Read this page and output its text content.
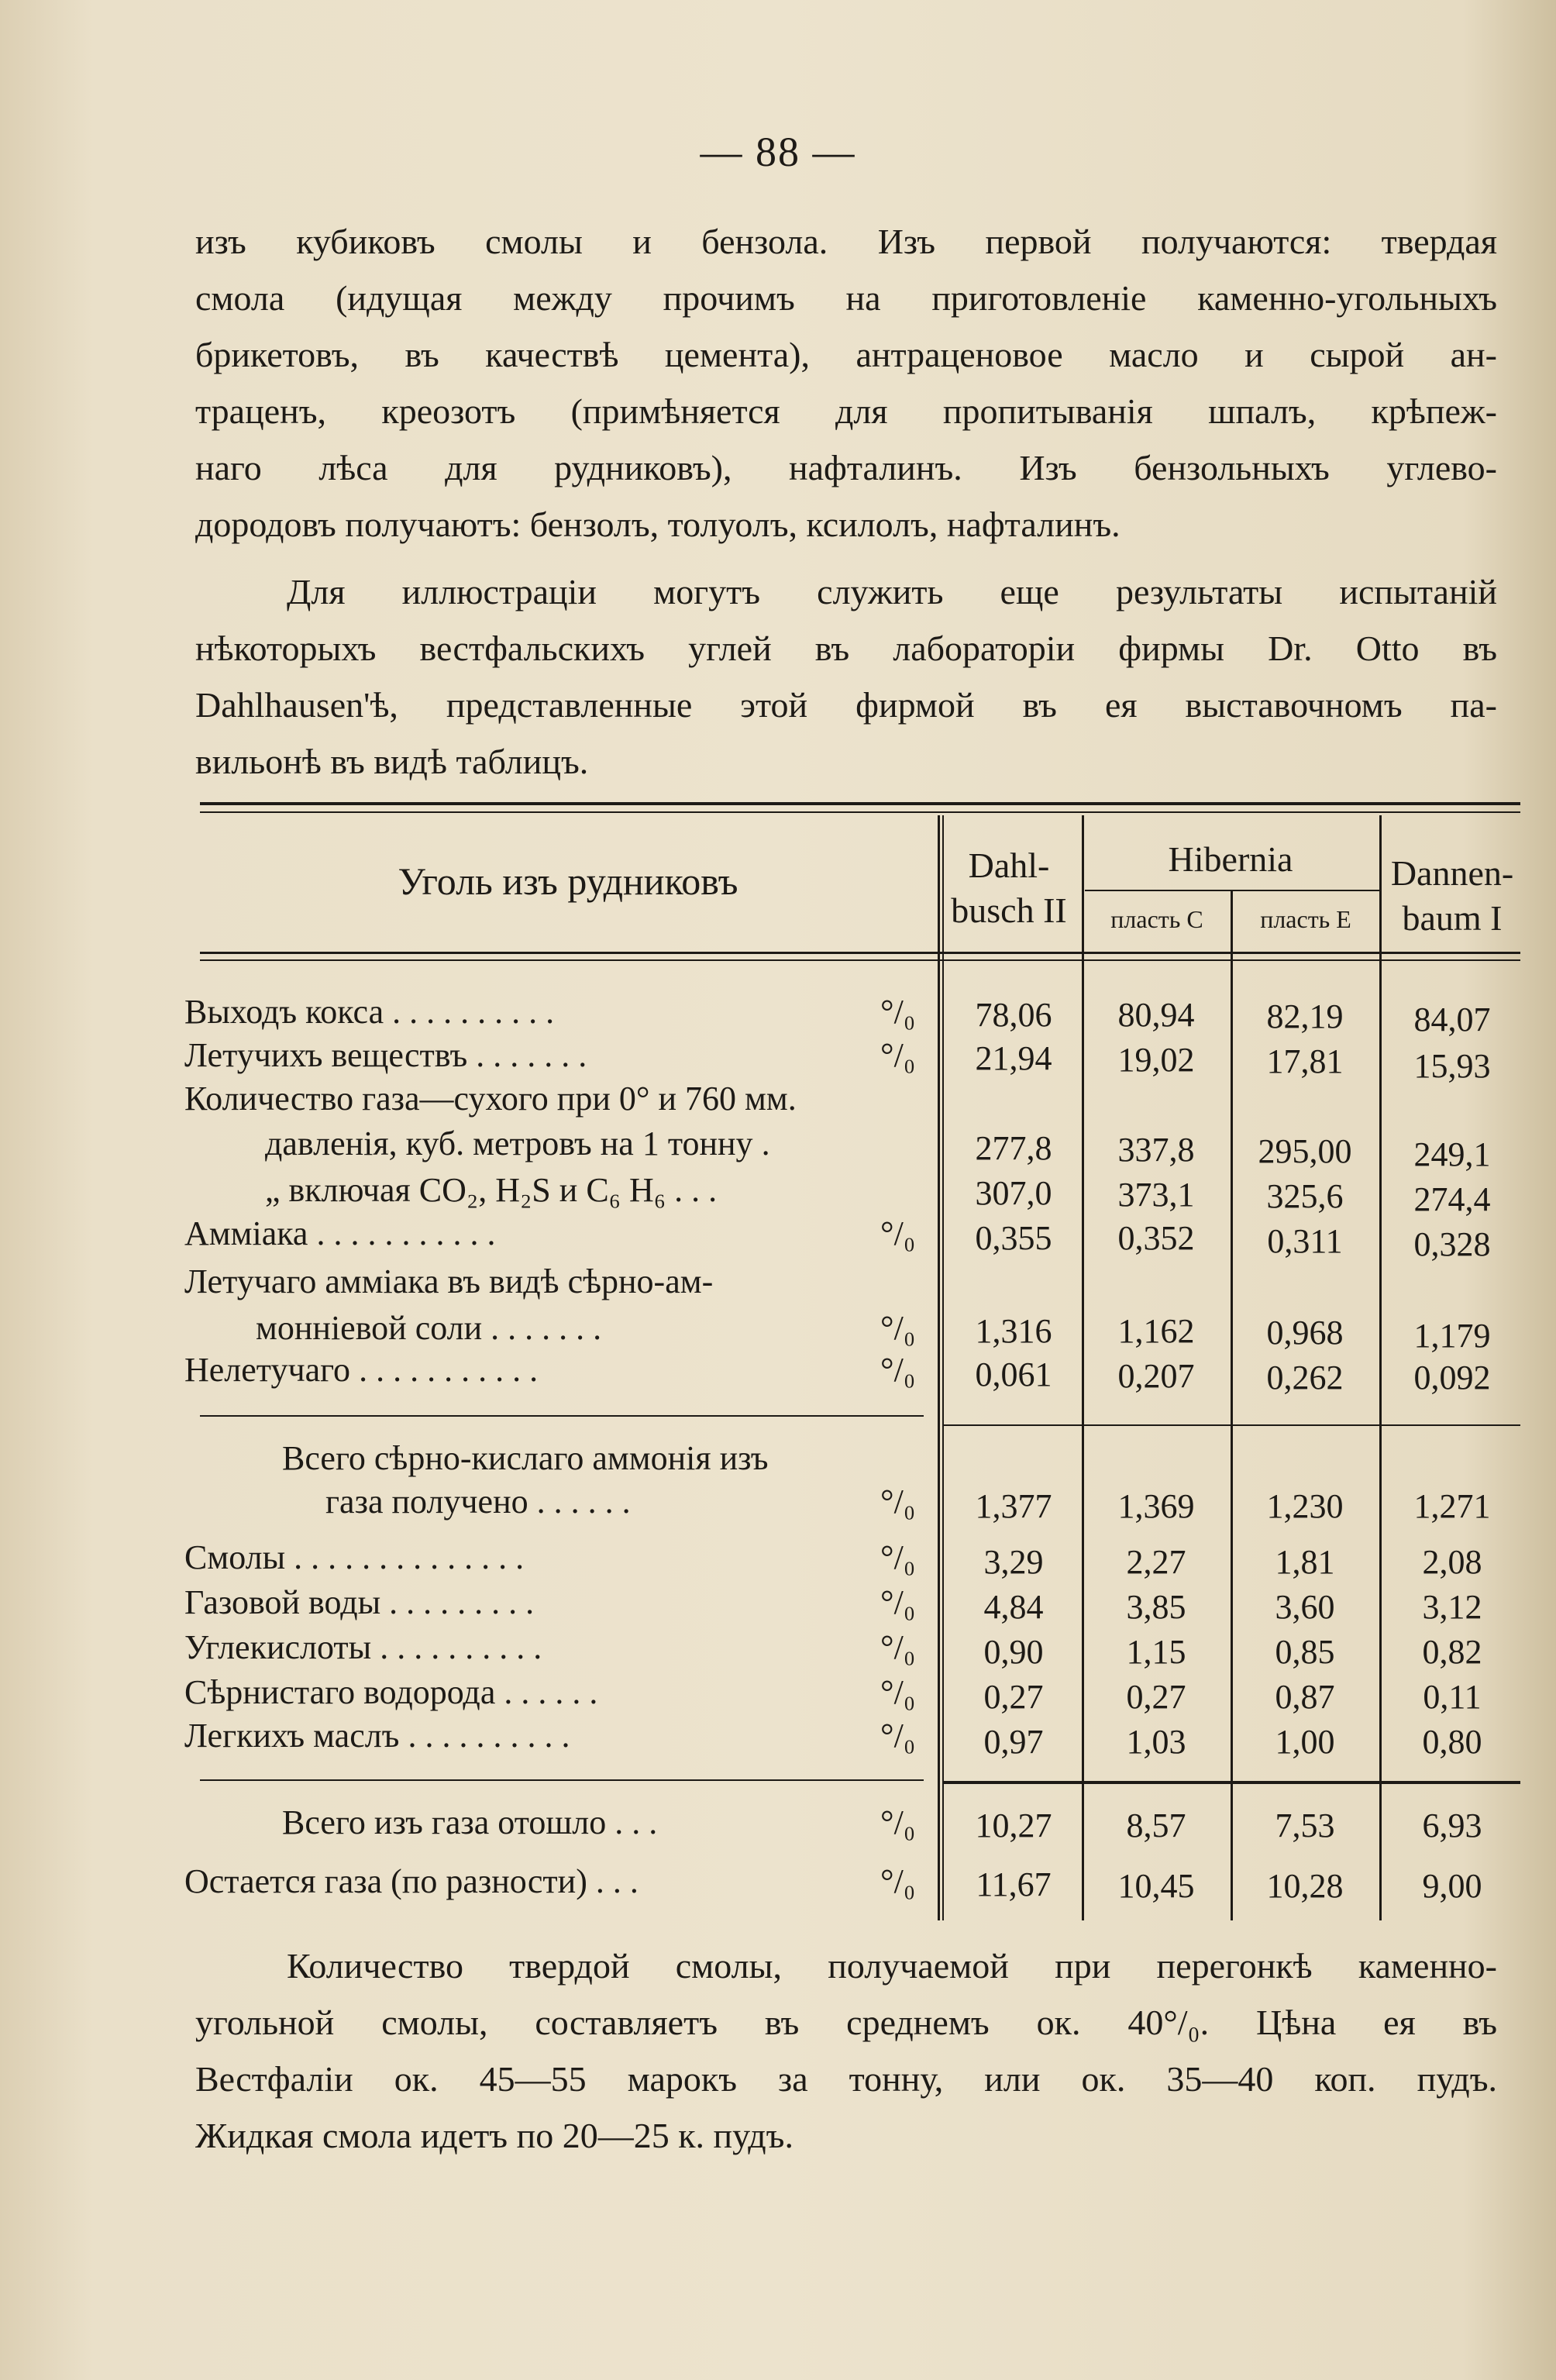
— 88 —
изъ кубиковъ смолы и бензола. Изъ первой получаются: твердая
смола (идущая между прочимъ на приготовленіе каменно-угольныхъ
брикетовъ, въ качествѣ цемента), антраценовое масло и сырой ан-
траценъ, креозотъ (примѣняется для пропитыванія шпалъ, крѣпеж-
наго лѣса для рудниковъ), нафталинъ. Изъ бензольныхъ углево-
дородовъ получаютъ: бензолъ, толуолъ, ксилолъ, нафталинъ.
Для иллюстраціи могутъ служить еще результаты испытаній
нѣкоторыхъ вестфальскихъ углей въ лабораторіи фирмы Dr. Otto въ
Dahlhausen'ѣ, представленные этой фирмой въ ея выставочномъ па-
вильонѣ въ видѣ таблицъ.
Уголь изъ рудниковъ	Dahl-
busch II
Hibernia
пласть С	пласть Е
Dannen-
baum I
Выходъ кокса . . . . . . . . . .	°/₀	78,06	80,94	82,19	84,07
Летучихъ веществъ . . . . . . .	°/₀	21,94	19,02	17,81	15,93
Количество газа—сухого при 0° и 760 мм.
давленія, куб. метровъ на 1 тонну .	277,8	337,8	295,00	249,1
„ включая CO₂, H₂S и C₆ H₆ . . .	307,0	373,1	325,6	274,4
Амміака . . . . . . . . . . .	°/₀	0,355	0,352	0,311	0,328
Летучаго амміака въ видѣ сѣрно-ам-
монніевой соли . . . . . . .	°/₀	1,316	1,162	0,968	1,179
Нелетучаго . . . . . . . . . . .	°/₀	0,061	0,207	0,262	0,092
Всего сѣрно-кислаго аммонія изъ
газа получено . . . . . .	°/₀	1,377	1,369	1,230	1,271
Смолы . . . . . . . . . . . . . .	°/₀	3,29	2,27	1,81	2,08
Газовой воды . . . . . . . . .	°/₀	4,84	3,85	3,60	3,12
Углекислоты . . . . . . . . . .	°/₀	0,90	1,15	0,85	0,82
Сѣрнистаго водорода . . . . . .	°/₀	0,27	0,27	0,87	0,11
Легкихъ маслъ . . . . . . . . . .	°/₀	0,97	1,03	1,00	0,80
Всего изъ газа отошло . . .	°/₀	10,27	8,57	7,53	6,93
Остается газа (по разности) . . .	°/₀	11,67	10,45	10,28	9,00
Количество твердой смолы, получаемой при перегонкѣ каменно-
угольной смолы, составляетъ въ среднемъ ок. 40°/₀. Цѣна ея въ
Вестфаліи ок. 45—55 марокъ за тонну, или ок. 35—40 коп. пудъ.
Жидкая смола идетъ по 20—25 к. пудъ.
